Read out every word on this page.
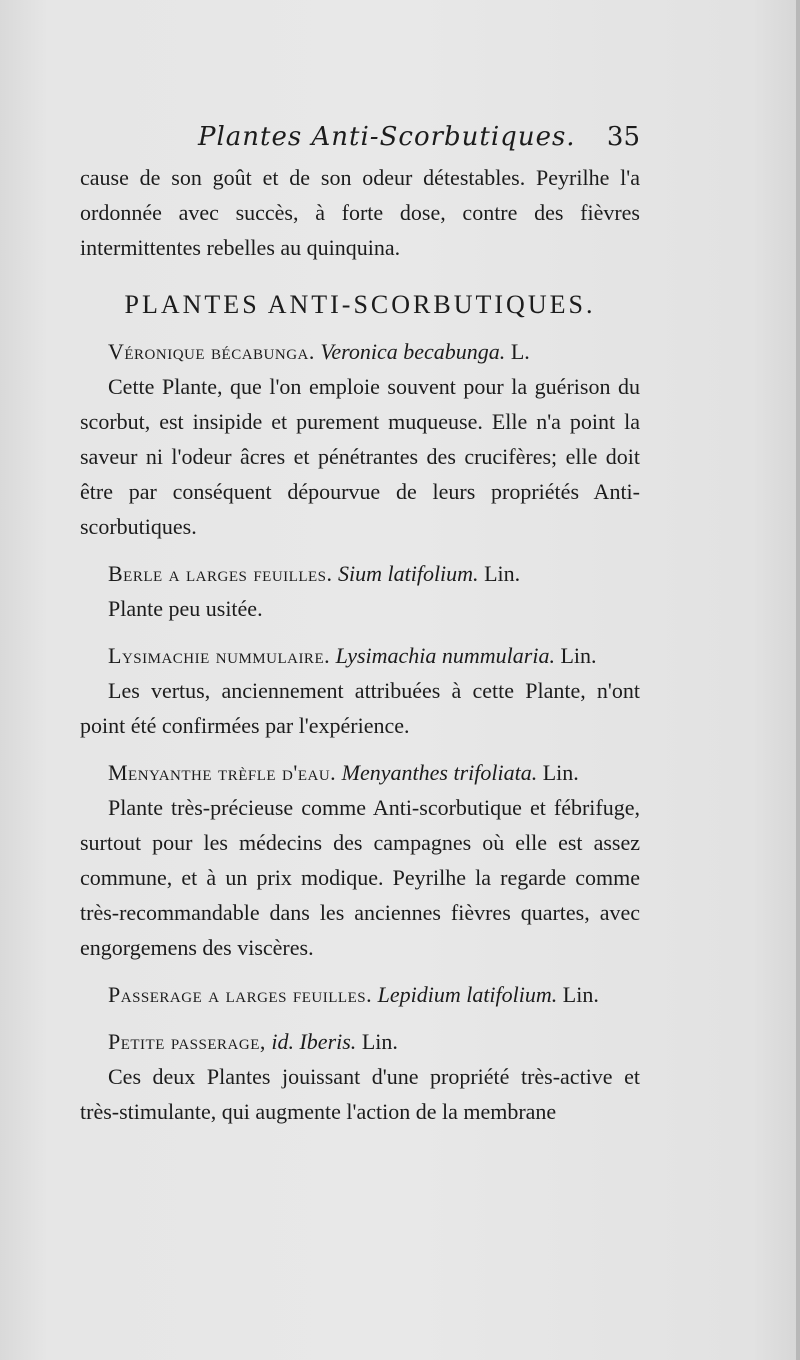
Plantes Anti-Scorbutiques. 35

cause de son goût et de son odeur détestables. Peyrilhe l'a ordonnée avec succès, à forte dose, contre des fièvres intermittentes rebelles au quinquina.

PLANTES ANTI-SCORBUTIQUES.

Véronique bécabunga. Veronica becabunga. L.

Cette Plante, que l'on emploie souvent pour la guérison du scorbut, est insipide et purement muqueuse. Elle n'a point la saveur ni l'odeur âcres et pénétrantes des crucifères; elle doit être par conséquent dépourvue de leurs propriétés Anti-scorbutiques.

Berle a larges feuilles. Sium latifolium. Lin.

Plante peu usitée.

Lysimachie nummulaire. Lysimachia nummularia. Lin.

Les vertus, anciennement attribuées à cette Plante, n'ont point été confirmées par l'expérience.

Menyanthe trèfle d'eau. Menyanthes trifoliata. Lin.

Plante très-précieuse comme Anti-scorbutique et fébrifuge, surtout pour les médecins des campagnes où elle est assez commune, et à un prix modique. Peyrilhe la regarde comme très-recommandable dans les anciennes fièvres quartes, avec engorgemens des viscères.

Passerage a larges feuilles. Lepidium latifolium. Lin.

Petite passerage, id. Iberis. Lin.

Ces deux Plantes jouissant d'une propriété très-active et très-stimulante, qui augmente l'action de la membrane
